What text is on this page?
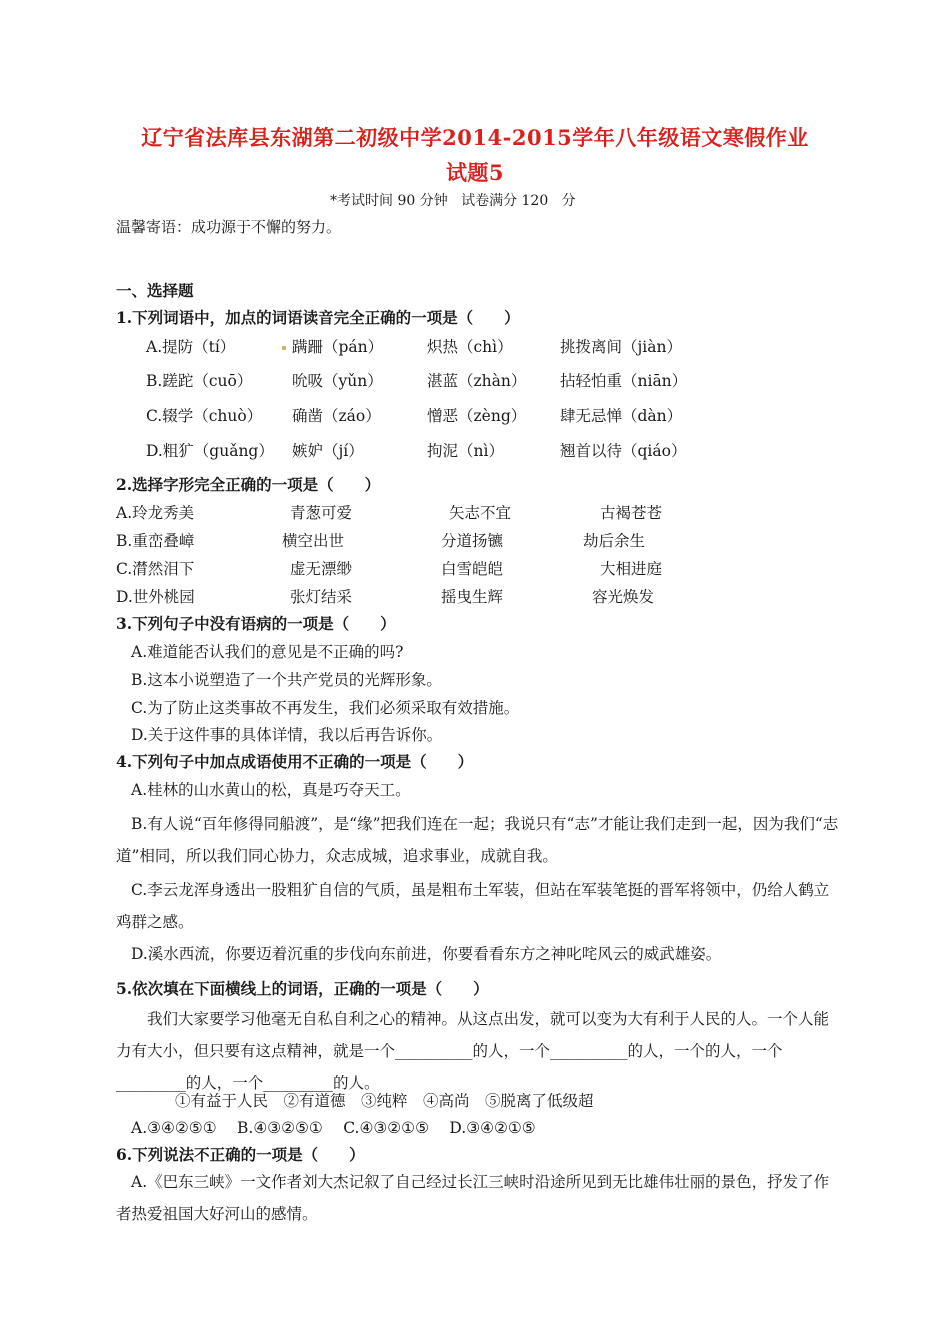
辽宁省法库县东湖第二初级中学2014-2015学年八年级语文寒假作业
试题5
*考试时间 90 分钟   试卷满分 120   分
温馨寄语：成功源于不懈的努力。
一、选择题
1.下列词语中，加点的词语读音完全正确的一项是（　　）
A.提防（tí）	蹒跚（pán）	炽热（chì）	挑拨离间（jiàn）
B.蹉跎（cuō）	吮吸（yǔn）	湛蓝（zhàn） 拈轻怕重（niān）
C.辍学（chuò） 确凿（záo）	憎恶（zèng） 肆无忌惮（dàn）
D.粗犷（guǎng） 嫉妒（jí）	拘泥（nì）	翘首以待（qiáo）
2.选择字形完全正确的一项是（　　）
A.玲龙秀美	青葱可爱	矢志不宜	古褐苍苍
B.重峦叠嶂	横空出世	分道扬镳	劫后余生
C.潸然泪下	虚无漂缈	白雪皑皑	大相进庭
D.世外桃园	张灯结采	摇曳生辉	容光焕发
3.下列句子中没有语病的一项是（　　）
A.难道能否认我们的意见是不正确的吗?
B.这本小说塑造了一个共产党员的光辉形象。
C.为了防止这类事故不再发生，我们必须采取有效措施。
D.关于这件事的具体详情，我以后再告诉你。
4.下列句子中加点成语使用不正确的一项是（　　）
A.桂林的山水黄山的松，真是巧夺天工。
B.有人说“百年修得同船渡”，是“缘”把我们连在一起；我说只有“志”才能让我们走到一起，因为我们“志道”相同，所以我们同心协力，众志成城，追求事业，成就自我。
C.李云龙浑身透出一股粗犷自信的气质，虽是粗布土军装，但站在军装笔挺的晋军将领中，仍给人鹤立鸡群之感。
D.溪水西流，你要迈着沉重的步伐向东前进，你要看看东方之神叱咤风云的威武雄姿。
5.依次填在下面横线上的词语，正确的一项是（　　）
我们大家要学习他毫无自私自利之心的精神。从这点出发，就可以变为大有利于人民的人。一个人能力有大小，但只要有这点精神，就是一个__________的人，一个__________的人，一个的人，一个_________的人，一个_________的人。
①有益于人民　②有道德　③纯粹　④高尚　⑤脱离了低级超
A.③④②⑤①　 B.④③②⑤①　 C.④③②①⑤　 D.③④②①⑤
6.下列说法不正确的一项是（　　）
A.《巴东三峡》一文作者刘大杰记叙了自己经过长江三峡时沿途所见到无比雄伟壮丽的景色，抒发了作者热爱祖国大好河山的感情。
